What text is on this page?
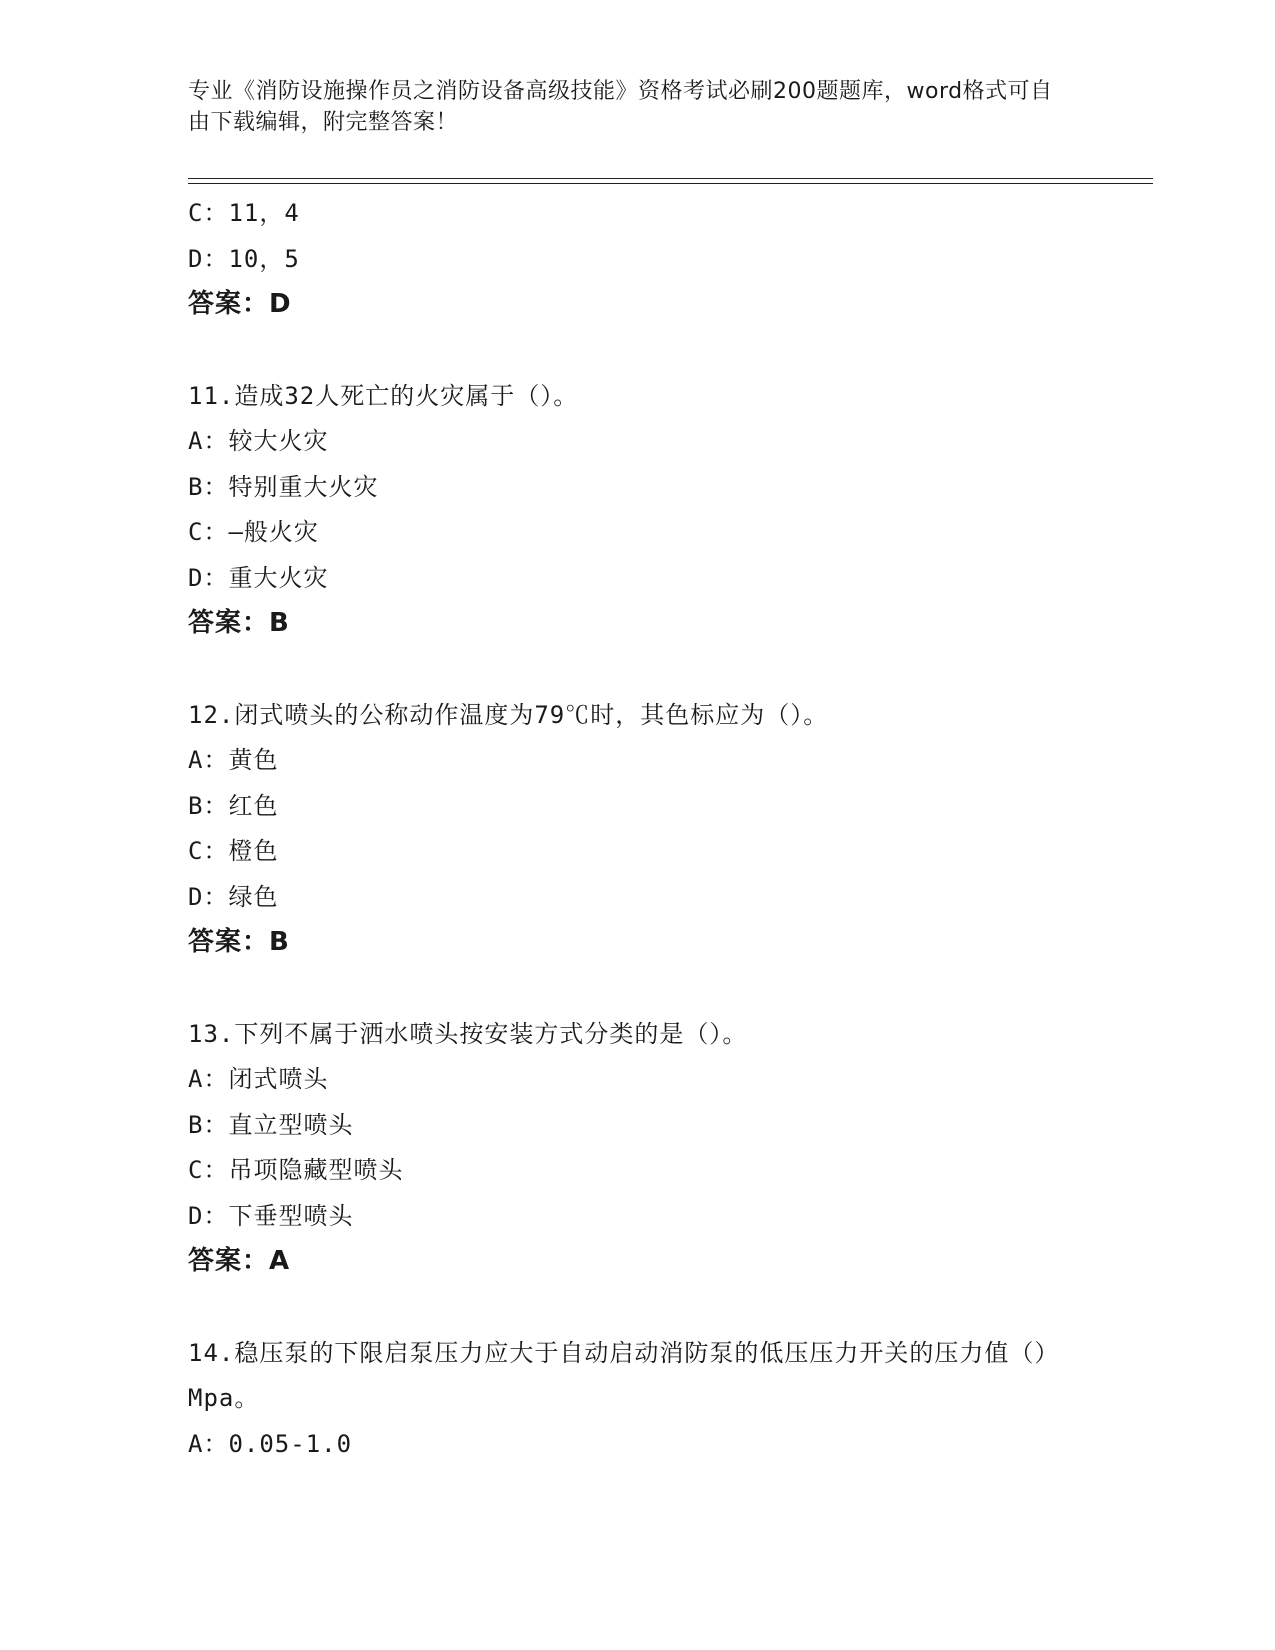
专业《消防设施操作员之消防设备高级技能》资格考试必刷200题题库，word格式可自由下载编辑，附完整答案！
C：11，4
D：10，5
答案：D
11.造成32人死亡的火灾属于（）。
A：较大火灾
B：特别重大火灾
C：—般火灾
D：重大火灾
答案：B
12.闭式喷头的公称动作温度为79℃时，其色标应为（）。
A：黄色
B：红色
C：橙色
D：绿色
答案：B
13.下列不属于洒水喷头按安装方式分类的是（）。
A：闭式喷头
B：直立型喷头
C：吊项隐藏型喷头
D：下垂型喷头
答案：A
14.稳压泵的下限启泵压力应大于自动启动消防泵的低压压力开关的压力值（）Mpa。
A：0.05-1.0
